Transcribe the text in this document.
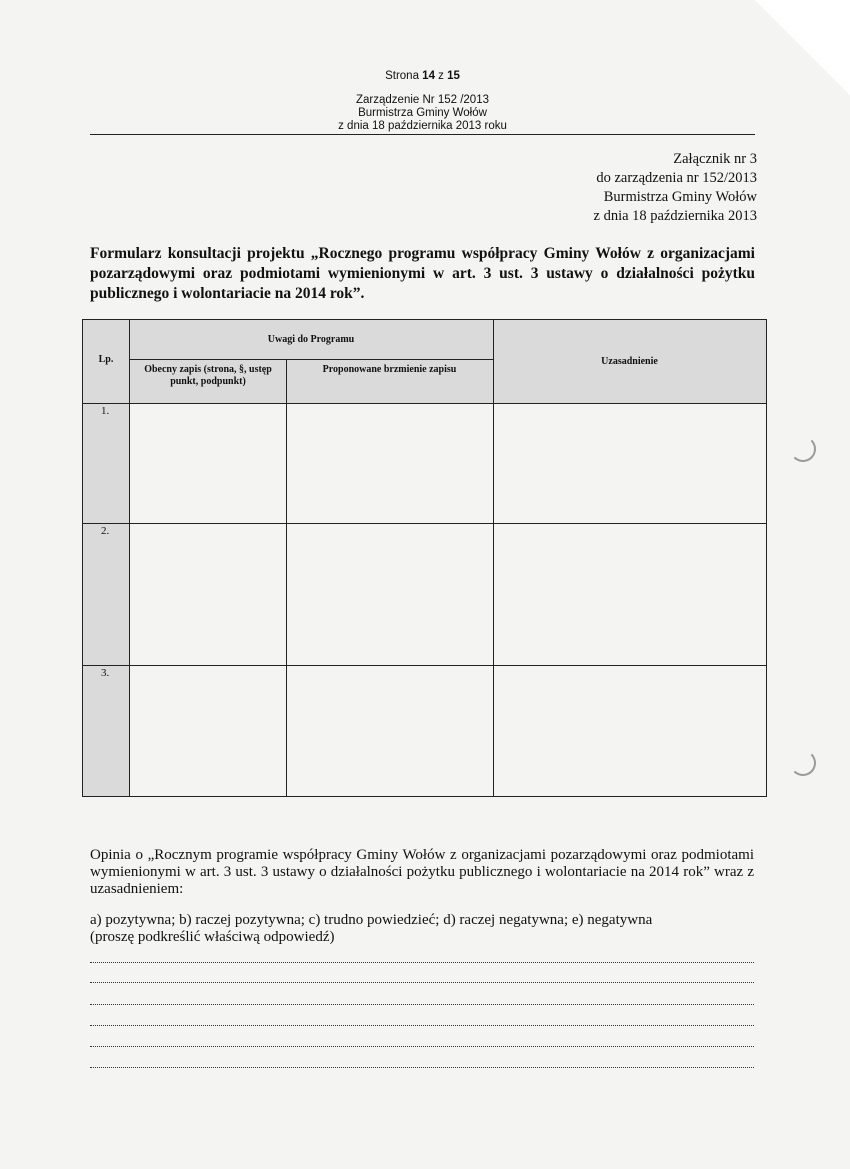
Strona 14 z 15
Zarządzenie Nr 152 /2013
Burmistrza Gminy Wołów
z dnia 18 października 2013 roku
Załącznik nr 3
do zarządzenia nr 152/2013
Burmistrza Gminy Wołów
z dnia 18 października 2013
Formularz konsultacji projektu „Rocznego programu współpracy Gminy Wołów z organizacjami pozarządowymi oraz podmiotami wymienionymi w art. 3 ust. 3 ustawy o działalności pożytku publicznego i wolontariacie na 2014 rok”.
Lp.
Uwagi do Programu
Obecny zapis (strona, §, ustęp punkt, podpunkt)
Proponowane brzmienie zapisu
Uzasadnienie
1.
2.
3.
Opinia o „Rocznym programie współpracy Gminy Wołów z organizacjami pozarządowymi oraz podmiotami wymienionymi w art. 3 ust. 3 ustawy o działalności pożytku publicznego i wolontariacie na 2014 rok” wraz z uzasadnieniem:
a) pozytywna; b) raczej pozytywna; c) trudno powiedzieć; d) raczej negatywna; e) negatywna
(proszę podkreślić właściwą odpowiedź)
